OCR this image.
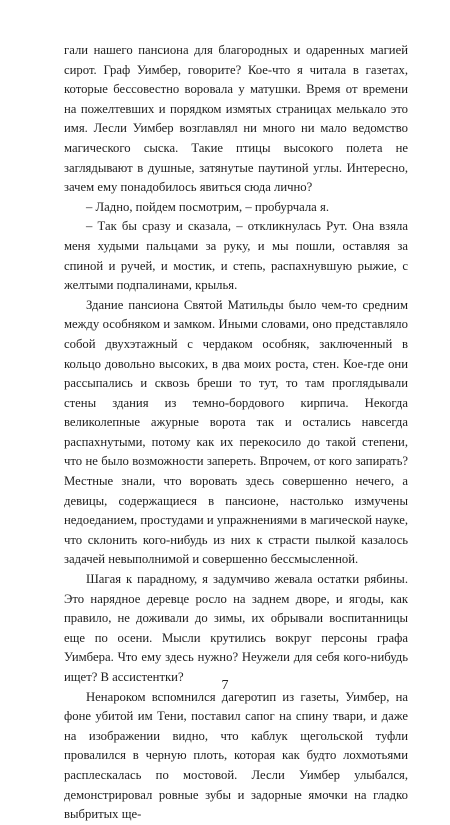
гали нашего пансиона для благородных и одаренных магией сирот. Граф Уимбер, говорите? Кое-что я читала в газетах, которые бессовестно воровала у матушки. Время от времени на пожелтевших и порядком измятых страницах мелькало это имя. Лесли Уимбер возглавлял ни много ни мало ведомство магического сыска. Такие птицы высокого полета не заглядывают в душные, затянутые паутиной углы. Интересно, зачем ему понадобилось явиться сюда лично?

– Ладно, пойдем посмотрим, – пробурчала я.

– Так бы сразу и сказала, – откликнулась Рут. Она взяла меня худыми пальцами за руку, и мы пошли, оставляя за спиной и ручей, и мостик, и степь, распахнувшую рыжие, с желтыми подпалинами, крылья.

Здание пансиона Святой Матильды было чем-то средним между особняком и замком. Иными словами, оно представляло собой двухэтажный с чердаком особняк, заключенный в кольцо довольно высоких, в два моих роста, стен. Кое-где они рассыпались и сквозь бреши то тут, то там проглядывали стены здания из темно-бордового кирпича. Некогда великолепные ажурные ворота так и остались навсегда распахнутыми, потому как их перекосило до такой степени, что не было возможности запереть. Впрочем, от кого запирать? Местные знали, что воровать здесь совершенно нечего, а девицы, содержащиеся в пансионе, настолько измучены недоеданием, простудами и упражнениями в магической науке, что склонить кого-нибудь из них к страсти пылкой казалось задачей невыполнимой и совершенно бессмысленной.

Шагая к парадному, я задумчиво жевала остатки рябины. Это нарядное деревце росло на заднем дворе, и ягоды, как правило, не доживали до зимы, их обрывали воспитанницы еще по осени. Мысли крутились вокруг персоны графа Уимбера. Что ему здесь нужно? Неужели для себя кого-нибудь ищет? В ассистентки?

Ненароком вспомнился дагеротип из газеты, Уимбер, на фоне убитой им Тени, поставил сапог на спину твари, и даже на изображении видно, что каблук щегольской туфли провалился в черную плоть, которая как будто лохмотьями расплескалась по мостовой. Лесли Уимбер улыбался, демонстрировал ровные зубы и задорные ямочки на гладко выбритых ще-

7
